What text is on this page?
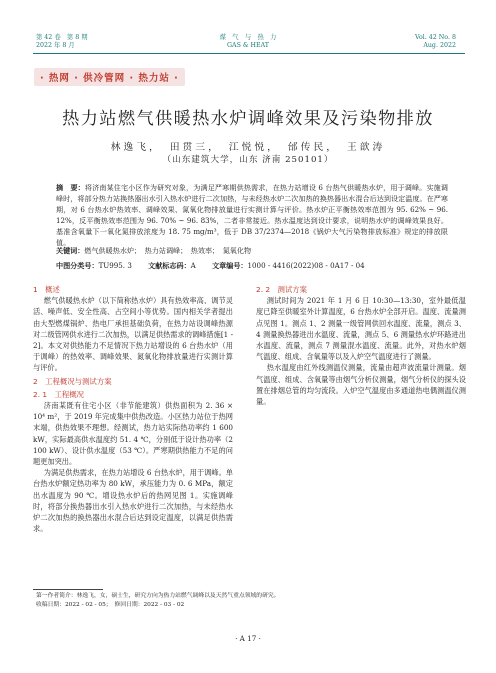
第 42 卷　第 8 期
2022 年 8 月
煤　气　与　热　力
GAS & HEAT
Vol. 42 No. 8
Aug. 2022
· 热网 · 供冷管网 · 热力站 ·
热力站燃气供暖热水炉调峰效果及污染物排放
林逸飞，　田贯三，　江悦悦，　邰传民，　王歆涛
（山东建筑大学，山东 济南 250101）
摘　要：将济南某住宅小区作为研究对象，为满足严寒期供热需求，在热力站增设 6 台热气供暖热水炉，用于调峰。实施调峰时，将部分热力站换热器出水引入热水炉进行二次加热，与未经热水炉二次加热的换热器出水混合后达到设定温度。在严寒期，对 6 台热水炉热效率、调峰效果、氮氧化物排放量进行实测计算与评价。热水炉正平衡热效率范围为 95. 62% ~ 96. 12%，反平衡热效率范围为 96. 70% ~ 96. 83%，二者非常接近。热水温度达到设计要求，说明热水炉的调峰效果良好。基准含氧量下一氧化氮排放浓度为 18. 75 mg/m³，低于 DB 37/2374—2018《锅炉大气污染物排放标准》规定的排放限值。
关键词：燃气供暖热水炉；　热力站调峰；　热效率；　氮氧化物
中图分类号：TU995. 3 文献标志码：A 文章编号：1000 - 4416(2022)08 - 0A17 - 04
1　概述

燃气供暖热水炉（以下简称热水炉）具有热效率高、调节灵活、噪声低、安全性高、占空间小等优势。国内相关学者提出由大型燃煤锅炉、热电厂承担基础负荷，在热力站设调峰热源对二级管网供水进行二次加热，以满足供热需求的调峰措施[1 - 2]。本文对供热能力不足情况下热力站增设的 6 台热水炉（用于调峰）的热效率、调峰效果、氮氧化物排放量进行实测计算与评价。

2　工程概况与测试方案
2. 1　工程概况

济南某既有住宅小区（非节能建筑）供热面积为 2. 36 × 10⁴ m²，于 2019 年完成集中供热改造。小区热力站位于热网末端，供热效果不理想。经测试，热力站实际热功率约 1 600 kW，实际最高供水温度约 51. 4 ℃，分别低于设计热功率（2 100 kW）、设计供水温度（53 ℃）。严寒期供热能力不足的问题更加突出。

为满足供热需求，在热力站增设 6 台热水炉，用于调峰。单台热水炉额定热功率为 80 kW，承压能力为 0. 6 MPa，额定出水温度为 90 ℃。增设热水炉后的热网见图 1。实施调峰时，将部分换热器出水引入热水炉进行二次加热，与未经热水炉二次加热的换热器出水混合后达到设定温度，以满足供热需求。

2. 2　测试方案

测试时间为 2021 年 1 月 6 日 10:30—13:30，室外最低温度已降至供暖室外计算温度，6 台热水炉全部开启。温度、流量测点见图 1。测点 1、2 测量一级管网供回水温度、流量，测点 3、4 测量换热器进出水温度、流量，测点 5、6 测量热水炉环路进出水温度、流量，测点 7 测量混水温度、流量。此外，对热水炉烟气温度、组成、含氧量等以及入炉空气温度进行了测量。

热水温度由红外线测温仪测量，流量由超声波流量计测量。烟气温度、组成、含氧量等由烟气分析仪测量，烟气分析仪的探头设置在排烟总管的均匀流段。入炉空气温度由多通道热电偶测温仪测量。

第一作者简介：林逸飞，女，硕士生，研究方向为热力站燃气调峰以及天然气重点领域的研究。
收稿日期：2022 - 02 - 05；　修回日期：2022 - 03 - 02
· A 17 ·
